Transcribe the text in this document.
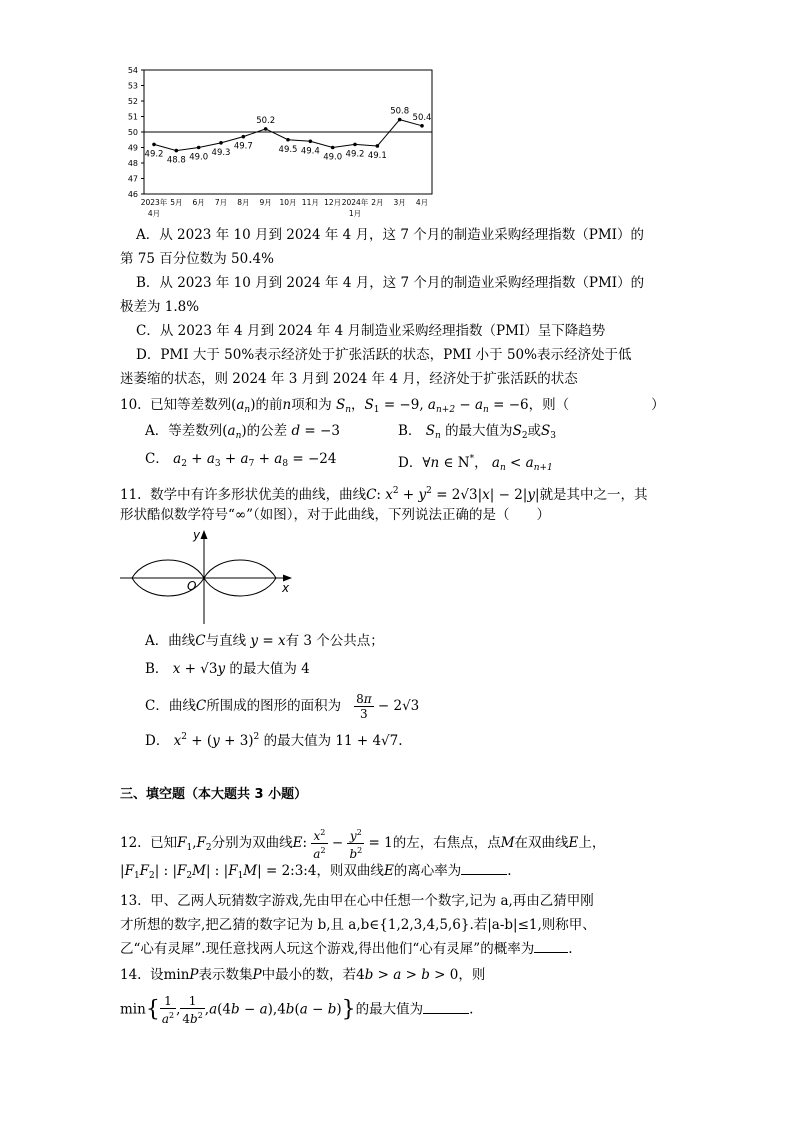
46
47
48
49
50
51
52
53
54
49.2
48.8 49.0 49.3
49.7
50.2
49.5 49.4
49.0 49.2 49.1
50.8
50.4
2023年
4月
5月 6月 7月 8月 9月 10月 11月 12月 2024年
1月
2月 3月 4月
A．从 2023 年 10 月到 2024 年 4 月，这 7 个月的制造业采购经理指数（PMI）的
第 75 百分位数为 50.4%
B．从 2023 年 10 月到 2024 年 4 月，这 7 个月的制造业采购经理指数（PMI）的
极差为 1.8%
C．从 2023 年 4 月到 2024 年 4 月制造业采购经理指数（PMI）呈下降趋势
D．PMI 大于 50%表示经济处于扩张活跃的状态，PMI 小于 50%表示经济处于低
迷萎缩的状态，则 2024 年 3 月到 2024 年 4 月，经济处于扩张活跃的状态
10. 已知等差数列$(a_n)$的前n项和为 $S_n$，$S_1 = -9$, $a_{n+2} - a_n = -6$，则（	）
A．等差数列$(a_n)$的公差 d = −3	B． $S_n$ 的最大值为$S_2$或$S_3$
C． $a_2 + a_3 + a_7 + a_8 = -24$	D．∀n ∈ N*， $a_n < a_{n+1}$
11. 数学中有许多形状优美的曲线，曲线C: $x^2 + y^2 = 2√3|x| - 2|y|$就是其中之一，其
形状酷似数学符号“∞”（如图），对于此曲线，下列说法正确的是（　　）
y
x
O
A．曲线C与直线 y = x有 3 个公共点；
B． x + √3y 的最大值为 4
C．曲线C所围成的图形的面积为 $\frac{8\pi}{3} - 2√3$
D． $x^2 + (y + 3)^2$ 的最大值为 11 + 4√7.
三、填空题（本大题共 3 小题）
12. 已知$F_1,F_2$分别为双曲线E: $\frac{x^2}{a^2} - \frac{y^2}{b^2} = 1$的左，右焦点，点M在双曲线E上，
$|F_1F_2|$ : $|F_2M|$ : $|F_1M|$ = 2:3:4，则双曲线E的离心率为	.
13. 甲、乙两人玩猜数字游戏,先由甲在心中任想一个数字,记为 a,再由乙猜甲刚
才所想的数字,把乙猜的数字记为 b,且 a,b∈{1,2,3,4,5,6}.若|a-b|≤1,则称甲、
乙“心有灵犀”.现任意找两人玩这个游戏,得出他们“心有灵犀”的概率为	.
14. 设minP表示数集P中最小的数，若4b > a > b > 0，则
$\min\{ \frac{1}{a^2}$ , $\frac{1}{4b^2} ,a(4b - a),4b(a - b)$}的最大值为	.
